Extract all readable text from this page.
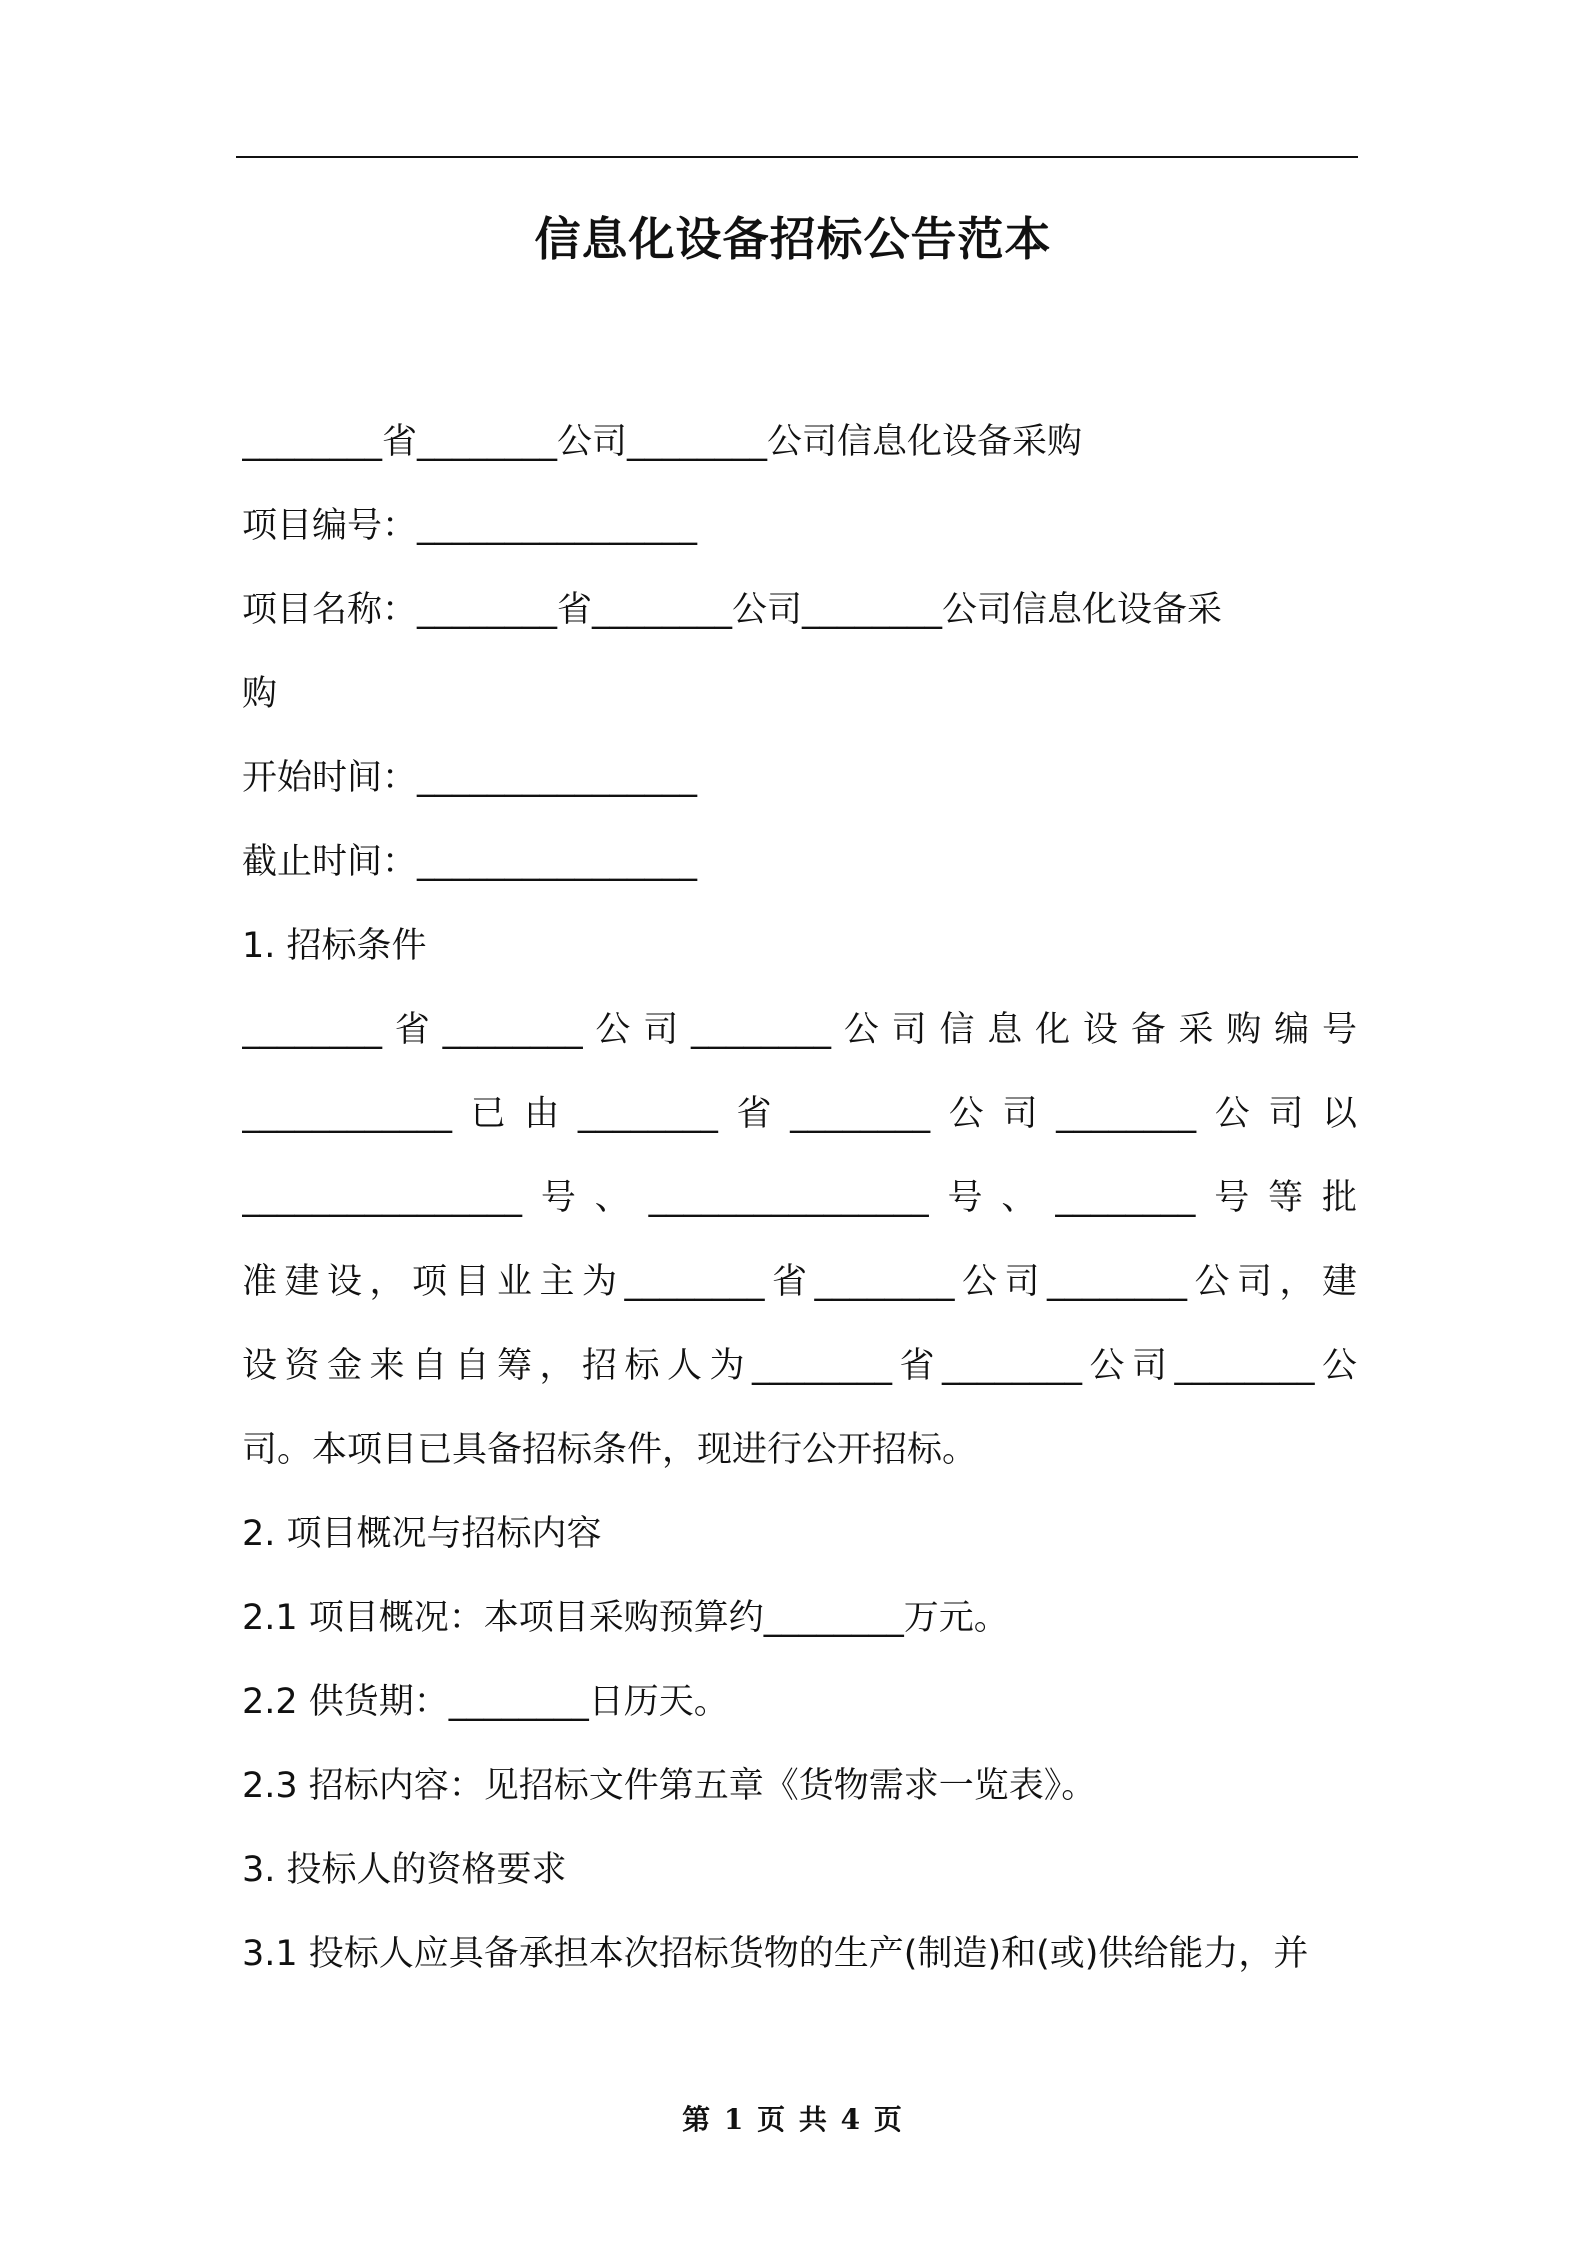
信息化设备招标公告范本
________省________公司________公司信息化设备采购
项目编号：________________
项目名称：________省________公司________公司信息化设备采
购
开始时间：________________
截止时间：________________
1. 招标条件
________省________公司________公司信息化设备采购编号
____________已由________省________公司________公司以
________________号、________________号、________号等批
准建设，项目业主为________省________公司________公司，建
设资金来自自筹，招标人为________省________公司________公
司。本项目已具备招标条件，现进行公开招标。
2. 项目概况与招标内容
2.1 项目概况：本项目采购预算约________万元。
2.2 供货期：________日历天。
2.3 招标内容：见招标文件第五章《货物需求一览表》。
3. 投标人的资格要求
3.1 投标人应具备承担本次招标货物的生产(制造)和(或)供给能力，并
第 1 页 共 4 页
